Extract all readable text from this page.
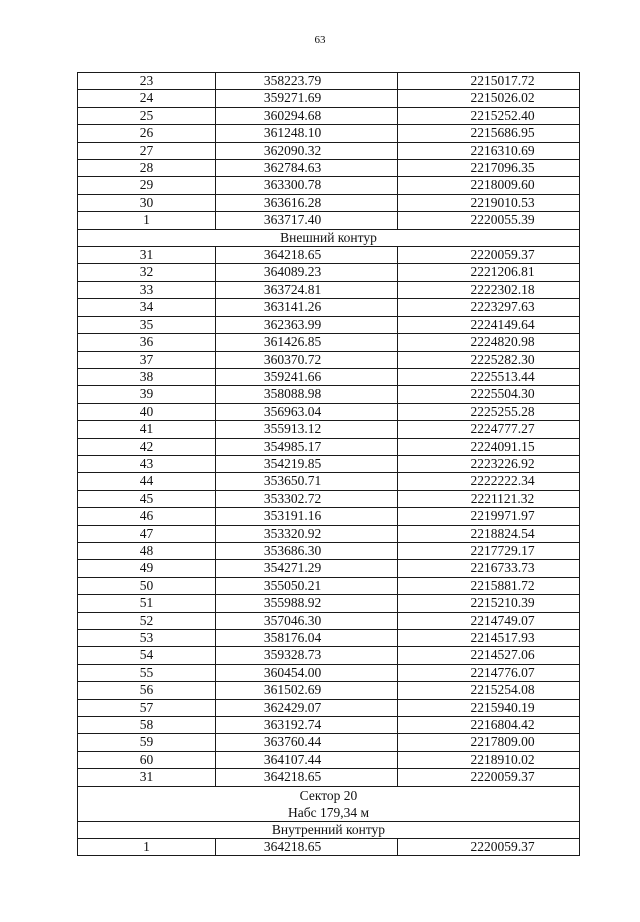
63
23	358223.79	2215017.72
24	359271.69	2215026.02
25	360294.68	2215252.40
26	361248.10	2215686.95
27	362090.32	2216310.69
28	362784.63	2217096.35
29	363300.78	2218009.60
30	363616.28	2219010.53
1	363717.40	2220055.39
Внешний контур		
31	364218.65	2220059.37
32	364089.23	2221206.81
33	363724.81	2222302.18
34	363141.26	2223297.63
35	362363.99	2224149.64
36	361426.85	2224820.98
37	360370.72	2225282.30
38	359241.66	2225513.44
39	358088.98	2225504.30
40	356963.04	2225255.28
41	355913.12	2224777.27
42	354985.17	2224091.15
43	354219.85	2223226.92
44	353650.71	2222222.34
45	353302.72	2221121.32
46	353191.16	2219971.97
47	353320.92	2218824.54
48	353686.30	2217729.17
49	354271.29	2216733.73
50	355050.21	2215881.72
51	355988.92	2215210.39
52	357046.30	2214749.07
53	358176.04	2214517.93
54	359328.73	2214527.06
55	360454.00	2214776.07
56	361502.69	2215254.08
57	362429.07	2215940.19
58	363192.74	2216804.42
59	363760.44	2217809.00
60	364107.44	2218910.02
31	364218.65	2220059.37

Сектор 20
Набс 179,34 м		

Внутренний контур		
1	364218.65	2220059.37
